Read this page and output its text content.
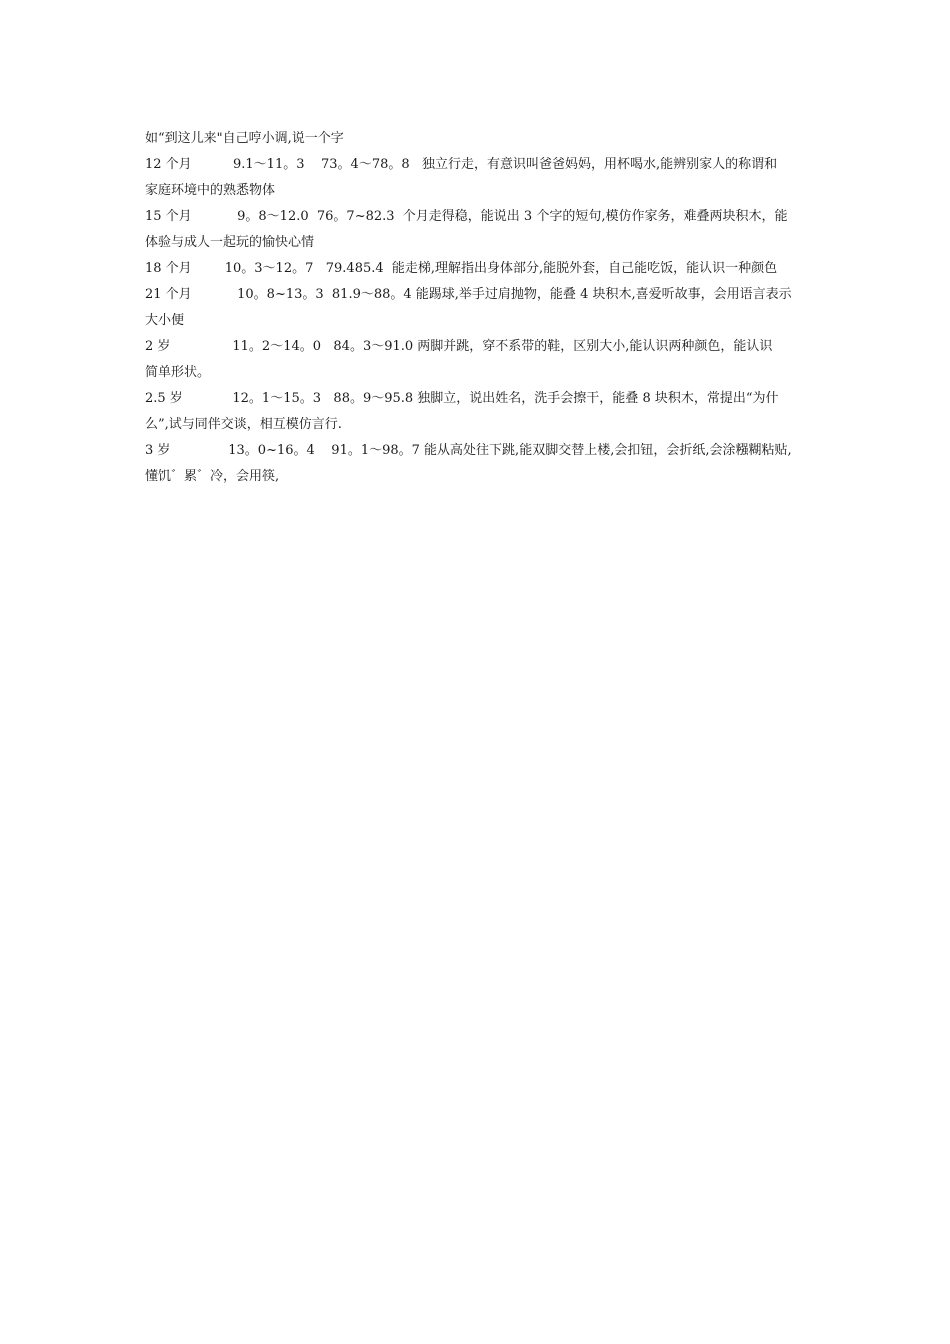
如“到这儿来"自己哼小调,说一个字
12 个月          9.1～11。3    73。4～78。8   独立行走，有意识叫爸爸妈妈，用杯喝水,能辨别家人的称谓和
家庭环境中的熟悉物体
15 个月           9。8～12.0  76。7~82.3  个月走得稳，能说出 3 个字的短句,模仿作家务，难叠两块积木，能
体验与成人一起玩的愉快心情
18 个月        10。3～12。7   79.485.4  能走梯,理解指出身体部分,能脱外套，自己能吃饭，能认识一种颜色
21 个月           10。8~13。3  81.9～88。4 能踢球,举手过肩抛物，能叠 4 块积木,喜爱听故事，会用语言表示
大小便
2 岁               11。2～14。0   84。3～91.0 两脚并跳，穿不系带的鞋，区别大小,能认识两种颜色，能认识
简单形状。
2.5 岁            12。1～15。3   88。9～95.8 独脚立，说出姓名，洗手会擦干，能叠 8 块积木，常提出“为什
么”,试与同伴交谈，相互模仿言行.
3 岁              13。0~16。4    91。1～98。7 能从高处往下跳,能双脚交替上楼,会扣钮，会折纸,会涂糨糊粘贴,
懂饥゛累゛冷，会用筷,
